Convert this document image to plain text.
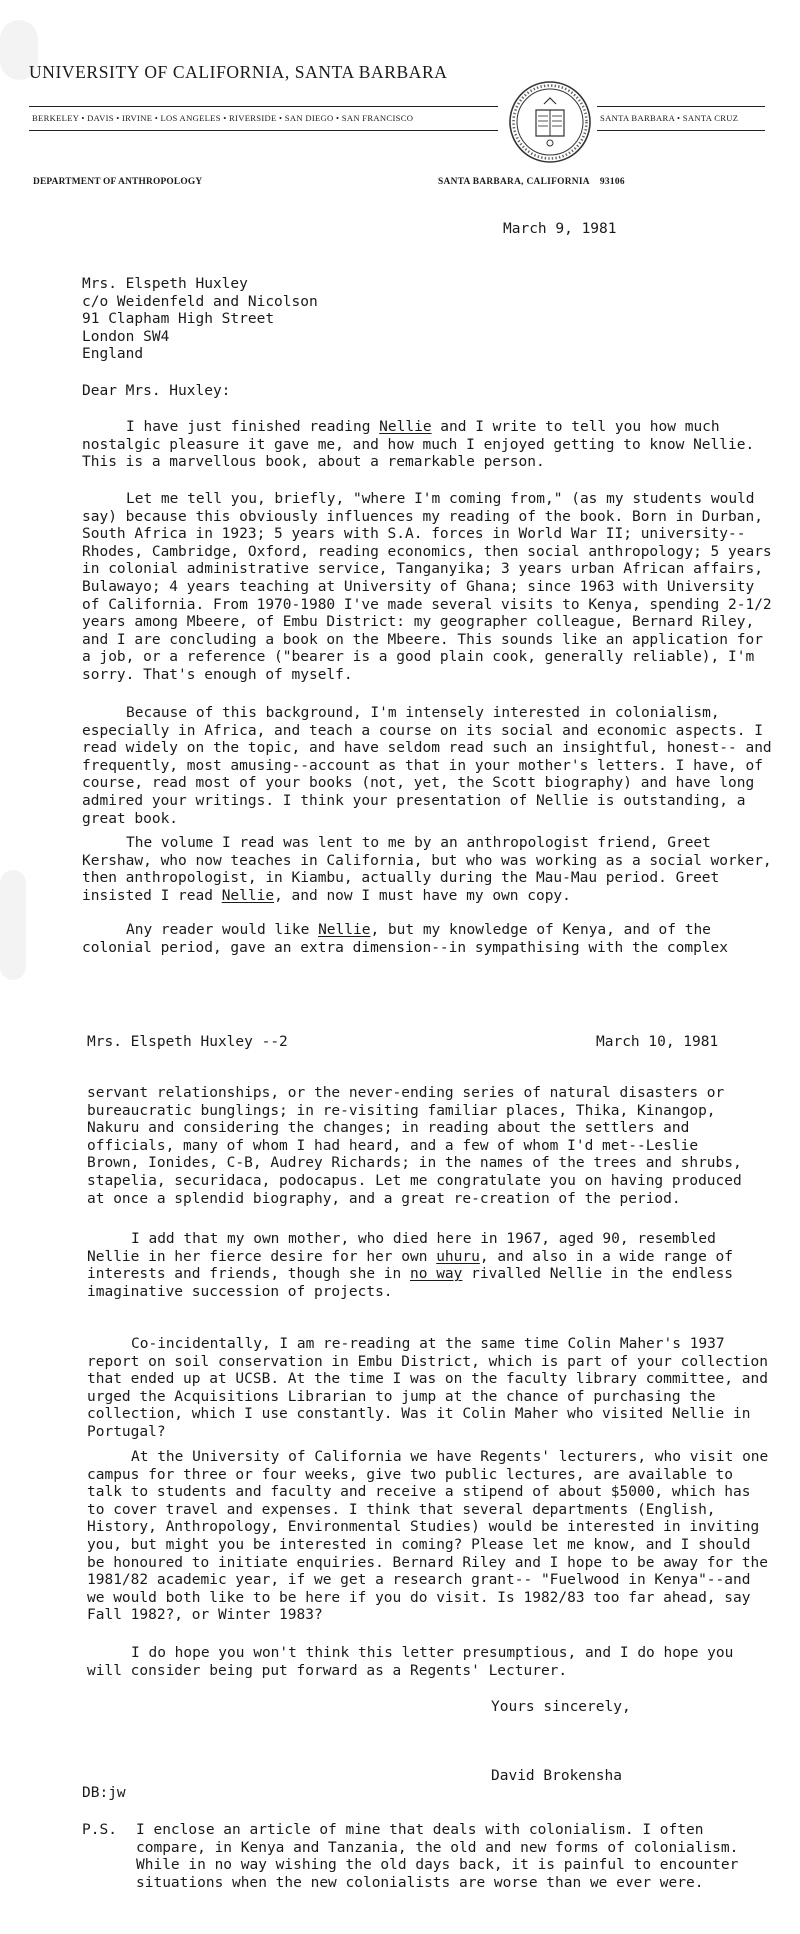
UNIVERSITY OF CALIFORNIA, SANTA BARBARA
BERKELEY • DAVIS • IRVINE • LOS ANGELES • RIVERSIDE • SAN DIEGO • SAN FRANCISCO	SANTA BARBARA • SANTA CRUZ
DEPARTMENT OF ANTHROPOLOGY	SANTA BARBARA, CALIFORNIA    93106
March 9, 1981
Mrs. Elspeth Huxley
c/o Weidenfeld and Nicolson
91 Clapham High Street
London SW4
England
Dear Mrs. Huxley:
I have just finished reading Nellie and I write to tell you how much nostalgic pleasure it gave me, and how much I enjoyed getting to know Nellie. This is a marvellous book, about a remarkable person.
Let me tell you, briefly, "where I'm coming from," (as my students would say) because this obviously influences my reading of the book. Born in Durban, South Africa in 1923; 5 years with S.A. forces in World War II; university-- Rhodes, Cambridge, Oxford, reading economics, then social anthropology; 5 years in colonial administrative service, Tanganyika; 3 years urban African affairs, Bulawayo; 4 years teaching at University of Ghana; since 1963 with University of California. From 1970-1980 I've made several visits to Kenya, spending 2-1/2 years among Mbeere, of Embu District: my geographer colleague, Bernard Riley, and I are concluding a book on the Mbeere. This sounds like an application for a job, or a reference ("bearer is a good plain cook, generally reliable), I'm sorry. That's enough of myself.
Because of this background, I'm intensely interested in colonialism, especially in Africa, and teach a course on its social and economic aspects. I read widely on the topic, and have seldom read such an insightful, honest-- and frequently, most amusing--account as that in your mother's letters. I have, of course, read most of your books (not, yet, the Scott biography) and have long admired your writings. I think your presentation of Nellie is outstanding, a great book.
The volume I read was lent to me by an anthropologist friend, Greet Kershaw, who now teaches in California, but who was working as a social worker, then anthropologist, in Kiambu, actually during the Mau-Mau period. Greet insisted I read Nellie, and now I must have my own copy.
Any reader would like Nellie, but my knowledge of Kenya, and of the colonial period, gave an extra dimension--in sympathising with the complex
Mrs. Elspeth Huxley --2	March 10, 1981
servant relationships, or the never-ending series of natural disasters or bureaucratic bunglings; in re-visiting familiar places, Thika, Kinangop, Nakuru and considering the changes; in reading about the settlers and officials, many of whom I had heard, and a few of whom I'd met--Leslie Brown, Ionides, C-B, Audrey Richards; in the names of the trees and shrubs, stapelia, securidaca, podocapus. Let me congratulate you on having produced at once a splendid biography, and a great re-creation of the period.
I add that my own mother, who died here in 1967, aged 90, resembled Nellie in her fierce desire for her own uhuru, and also in a wide range of interests and friends, though she in no way rivalled Nellie in the endless imaginative succession of projects.
Co-incidentally, I am re-reading at the same time Colin Maher's 1937 report on soil conservation in Embu District, which is part of your collection that ended up at UCSB. At the time I was on the faculty library committee, and urged the Acquisitions Librarian to jump at the chance of purchasing the collection, which I use constantly. Was it Colin Maher who visited Nellie in Portugal?
At the University of California we have Regents' lecturers, who visit one campus for three or four weeks, give two public lectures, are available to talk to students and faculty and receive a stipend of about $5000, which has to cover travel and expenses. I think that several departments (English, History, Anthropology, Environmental Studies) would be interested in inviting you, but might you be interested in coming? Please let me know, and I should be honoured to initiate enquiries. Bernard Riley and I hope to be away for the 1981/82 academic year, if we get a research grant-- "Fuelwood in Kenya"--and we would both like to be here if you do visit. Is 1982/83 too far ahead, say Fall 1982?, or Winter 1983?
I do hope you won't think this letter presumptious, and I do hope you will consider being put forward as a Regents' Lecturer.
Yours sincerely,
David Brokensha
DB:jw
P.S. I enclose an article of mine that deals with colonialism. I often compare, in Kenya and Tanzania, the old and new forms of colonialism. While in no way wishing the old days back, it is painful to encounter situations when the new colonialists are worse than we ever were.
